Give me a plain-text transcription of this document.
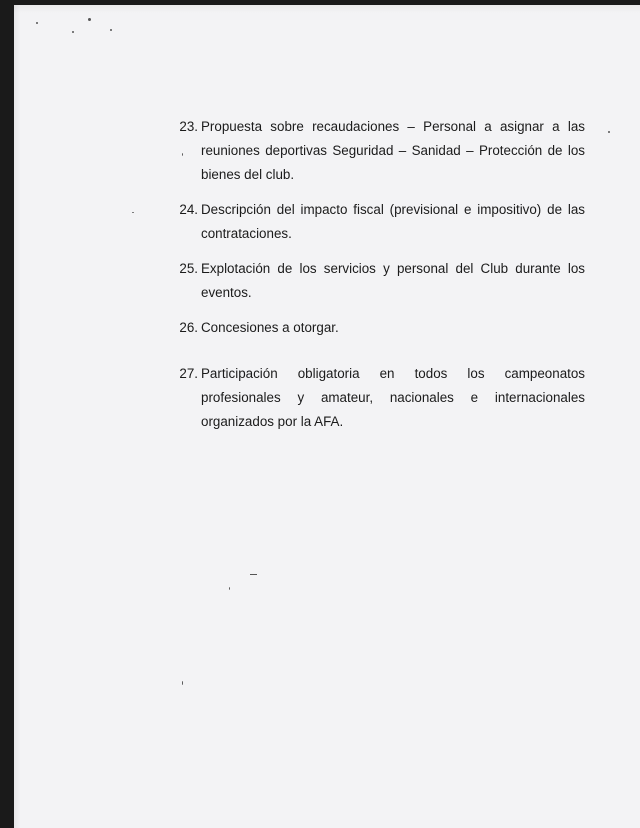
23. Propuesta sobre recaudaciones – Personal a asignar a las reuniones deportivas Seguridad – Sanidad – Protección de los bienes del club.
24. Descripción del impacto fiscal (previsional e impositivo) de las contrataciones.
25. Explotación de los servicios y personal del Club durante los eventos.
26. Concesiones a otorgar.
27. Participación obligatoria en todos los campeonatos profesionales y amateur, nacionales e internacionales organizados por la AFA.
